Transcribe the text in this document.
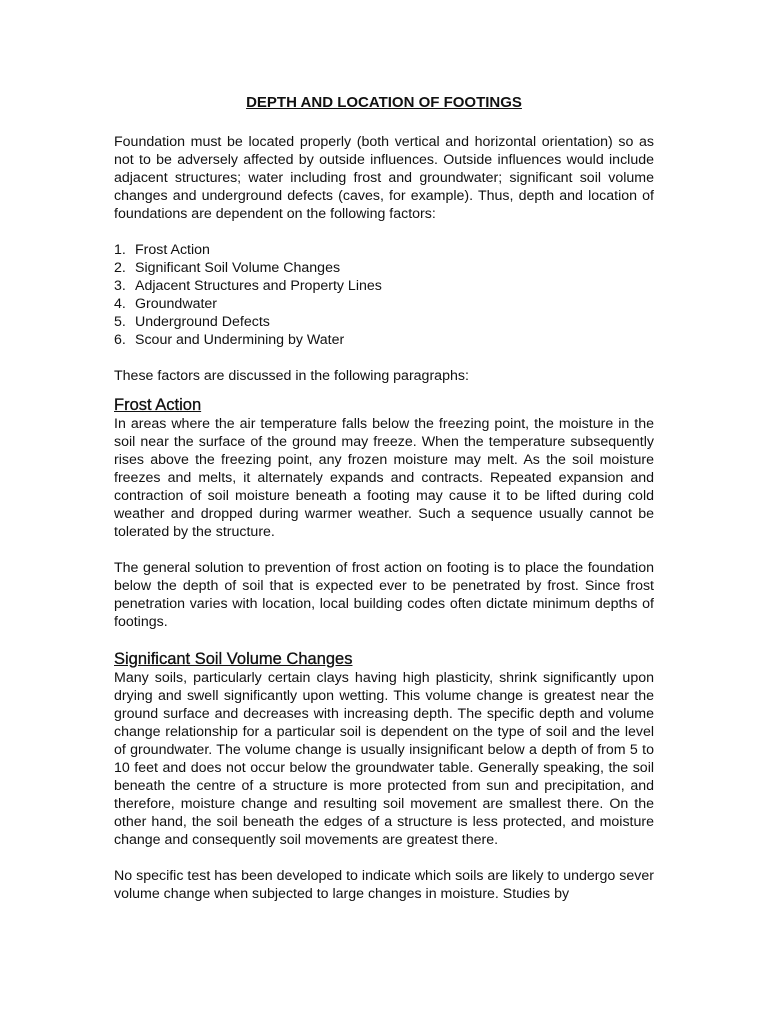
DEPTH AND LOCATION OF FOOTINGS

Foundation must be located properly (both vertical and horizontal orientation) so as not to be adversely affected by outside influences. Outside influences would include adjacent structures; water including frost and groundwater; significant soil volume changes and underground defects (caves, for example). Thus, depth and location of foundations are dependent on the following factors:

1. Frost Action
2. Significant Soil Volume Changes
3. Adjacent Structures and Property Lines
4. Groundwater
5. Underground Defects
6. Scour and Undermining by Water

These factors are discussed in the following paragraphs:

Frost Action

In areas where the air temperature falls below the freezing point, the moisture in the soil near the surface of the ground may freeze. When the temperature subsequently rises above the freezing point, any frozen moisture may melt. As the soil moisture freezes and melts, it alternately expands and contracts. Repeated expansion and contraction of soil moisture beneath a footing may cause it to be lifted during cold weather and dropped during warmer weather. Such a sequence usually cannot be tolerated by the structure.

The general solution to prevention of frost action on footing is to place the foundation below the depth of soil that is expected ever to be penetrated by frost. Since frost penetration varies with location, local building codes often dictate minimum depths of footings.

Significant Soil Volume Changes

Many soils, particularly certain clays having high plasticity, shrink significantly upon drying and swell significantly upon wetting. This volume change is greatest near the ground surface and decreases with increasing depth. The specific depth and volume change relationship for a particular soil is dependent on the type of soil and the level of groundwater. The volume change is usually insignificant below a depth of from 5 to 10 feet and does not occur below the groundwater table. Generally speaking, the soil beneath the centre of a structure is more protected from sun and precipitation, and therefore, moisture change and resulting soil movement are smallest there. On the other hand, the soil beneath the edges of a structure is less protected, and moisture change and consequently soil movements are greatest there.

No specific test has been developed to indicate which soils are likely to undergo sever volume change when subjected to large changes in moisture. Studies by
